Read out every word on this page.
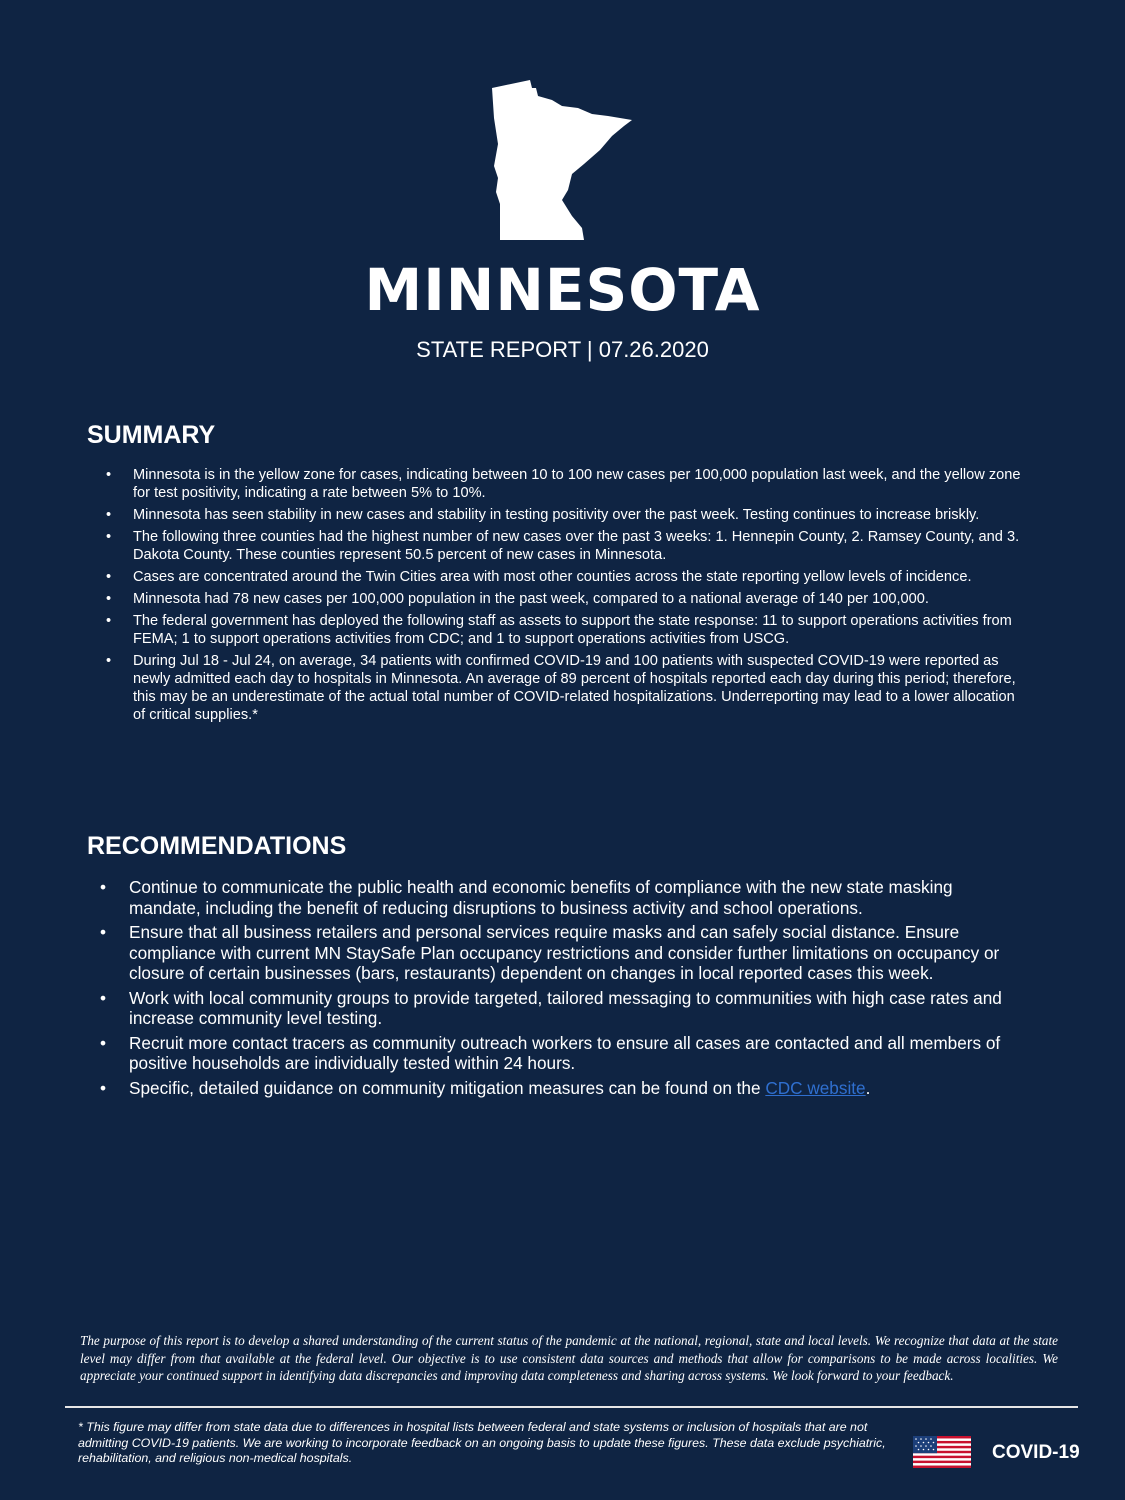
MINNESOTA
STATE REPORT | 07.26.2020
SUMMARY
• Minnesota is in the yellow zone for cases, indicating between 10 to 100 new cases per 100,000 population last week, and the yellow zone for test positivity, indicating a rate between 5% to 10%.
• Minnesota has seen stability in new cases and stability in testing positivity over the past week. Testing continues to increase briskly.
• The following three counties had the highest number of new cases over the past 3 weeks: 1. Hennepin County, 2. Ramsey County, and 3. Dakota County. These counties represent 50.5 percent of new cases in Minnesota.
• Cases are concentrated around the Twin Cities area with most other counties across the state reporting yellow levels of incidence.
• Minnesota had 78 new cases per 100,000 population in the past week, compared to a national average of 140 per 100,000.
• The federal government has deployed the following staff as assets to support the state response: 11 to support operations activities from FEMA; 1 to support operations activities from CDC; and 1 to support operations activities from USCG.
• During Jul 18 - Jul 24, on average, 34 patients with confirmed COVID-19 and 100 patients with suspected COVID-19 were reported as newly admitted each day to hospitals in Minnesota. An average of 89 percent of hospitals reported each day during this period; therefore, this may be an underestimate of the actual total number of COVID-related hospitalizations. Underreporting may lead to a lower allocation of critical supplies.*
RECOMMENDATIONS
• Continue to communicate the public health and economic benefits of compliance with the new state masking mandate, including the benefit of reducing disruptions to business activity and school operations.
• Ensure that all business retailers and personal services require masks and can safely social distance. Ensure compliance with current MN StaySafe Plan occupancy restrictions and consider further limitations on occupancy or closure of certain businesses (bars, restaurants) dependent on changes in local reported cases this week.
• Work with local community groups to provide targeted, tailored messaging to communities with high case rates and increase community level testing.
• Recruit more contact tracers as community outreach workers to ensure all cases are contacted and all members of positive households are individually tested within 24 hours.
• Specific, detailed guidance on community mitigation measures can be found on the CDC website.
The purpose of this report is to develop a shared understanding of the current status of the pandemic at the national, regional, state and local levels. We recognize that data at the state level may differ from that available at the federal level. Our objective is to use consistent data sources and methods that allow for comparisons to be made across localities. We appreciate your continued support in identifying data discrepancies and improving data completeness and sharing across systems. We look forward to your feedback.
* This figure may differ from state data due to differences in hospital lists between federal and state systems or inclusion of hospitals that are not admitting COVID-19 patients. We are working to incorporate feedback on an ongoing basis to update these figures. These data exclude psychiatric, rehabilitation, and religious non-medical hospitals.	COVID-19
